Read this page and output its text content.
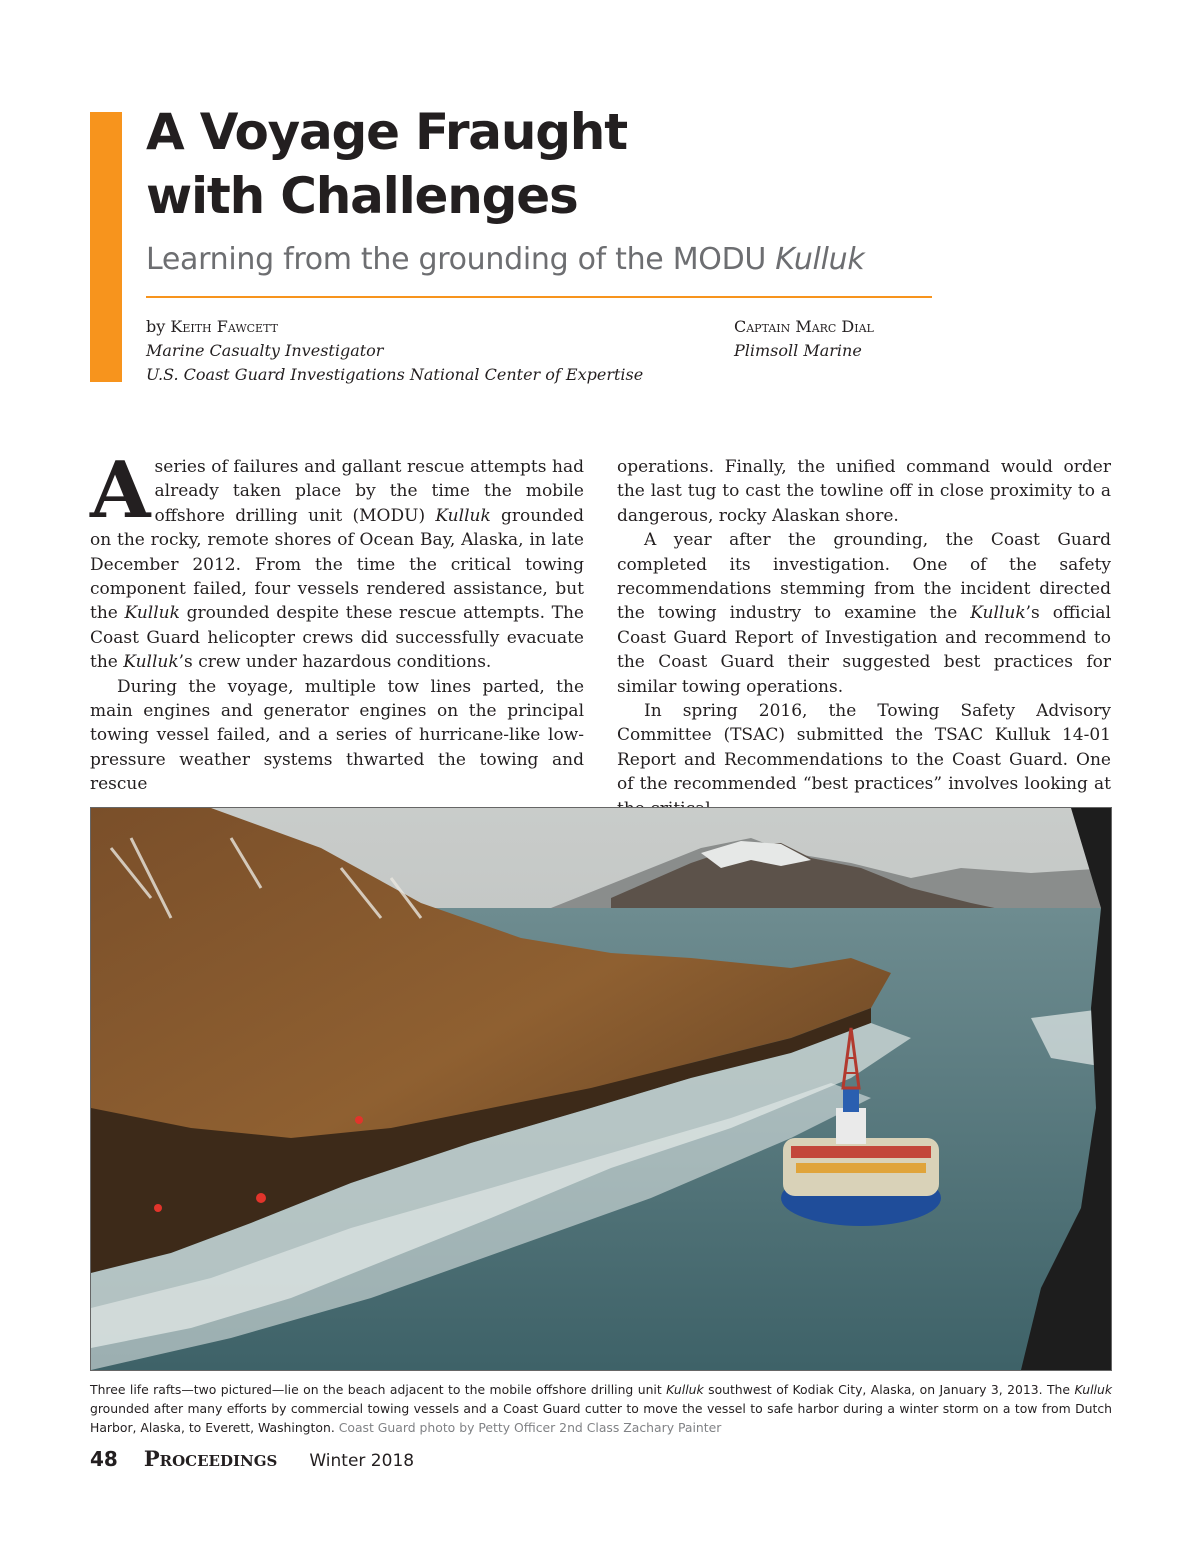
A Voyage Fraught
with Challenges
Learning from the grounding of the MODU Kulluk
by Keith Fawcett
Marine Casualty Investigator
U.S. Coast Guard Investigations National Center of Expertise
Captain Marc Dial
Plimsoll Marine

Aseries of failures and gallant rescue attempts had already taken place by the time the mobile offshore drilling unit (MODU) Kulluk grounded on the rocky, remote shores of Ocean Bay, Alaska, in late December 2012. From the time the critical towing component failed, four vessels rendered assistance, but the Kulluk grounded despite these rescue attempts. The Coast Guard helicopter crews did successfully evacuate the Kulluk’s crew under hazardous conditions.

During the voyage, multiple tow lines parted, the main engines and generator engines on the principal towing vessel failed, and a series of hurricane-like low-pressure weather systems thwarted the towing and rescue

operations. Finally, the unified command would order the last tug to cast the towline off in close proximity to a dangerous, rocky Alaskan shore.

A year after the grounding, the Coast Guard completed its investigation. One of the safety recommendations stemming from the incident directed the towing industry to examine the Kulluk’s official Coast Guard Report of Investigation and recommend to the Coast Guard their suggested best practices for similar towing operations.

In spring 2016, the Towing Safety Advisory Committee (TSAC) submitted the TSAC Kulluk 14-01 Report and Recommendations to the Coast Guard. One of the recommended “best practices” involves looking at

Three life rafts—two pictured—lie on the beach adjacent to the mobile offshore drilling unit Kulluk southwest of Kodiak City, Alaska, on January 3, 2013. The Kulluk grounded after many efforts by commercial towing vessels and a Coast Guard cutter to move the vessel to safe harbor during a winter storm on a tow from Dutch Harbor, Alaska, to Everett, Washington. Coast Guard photo by Petty Officer 2nd Class Zachary Painter
48 Proceedings Winter 2018
